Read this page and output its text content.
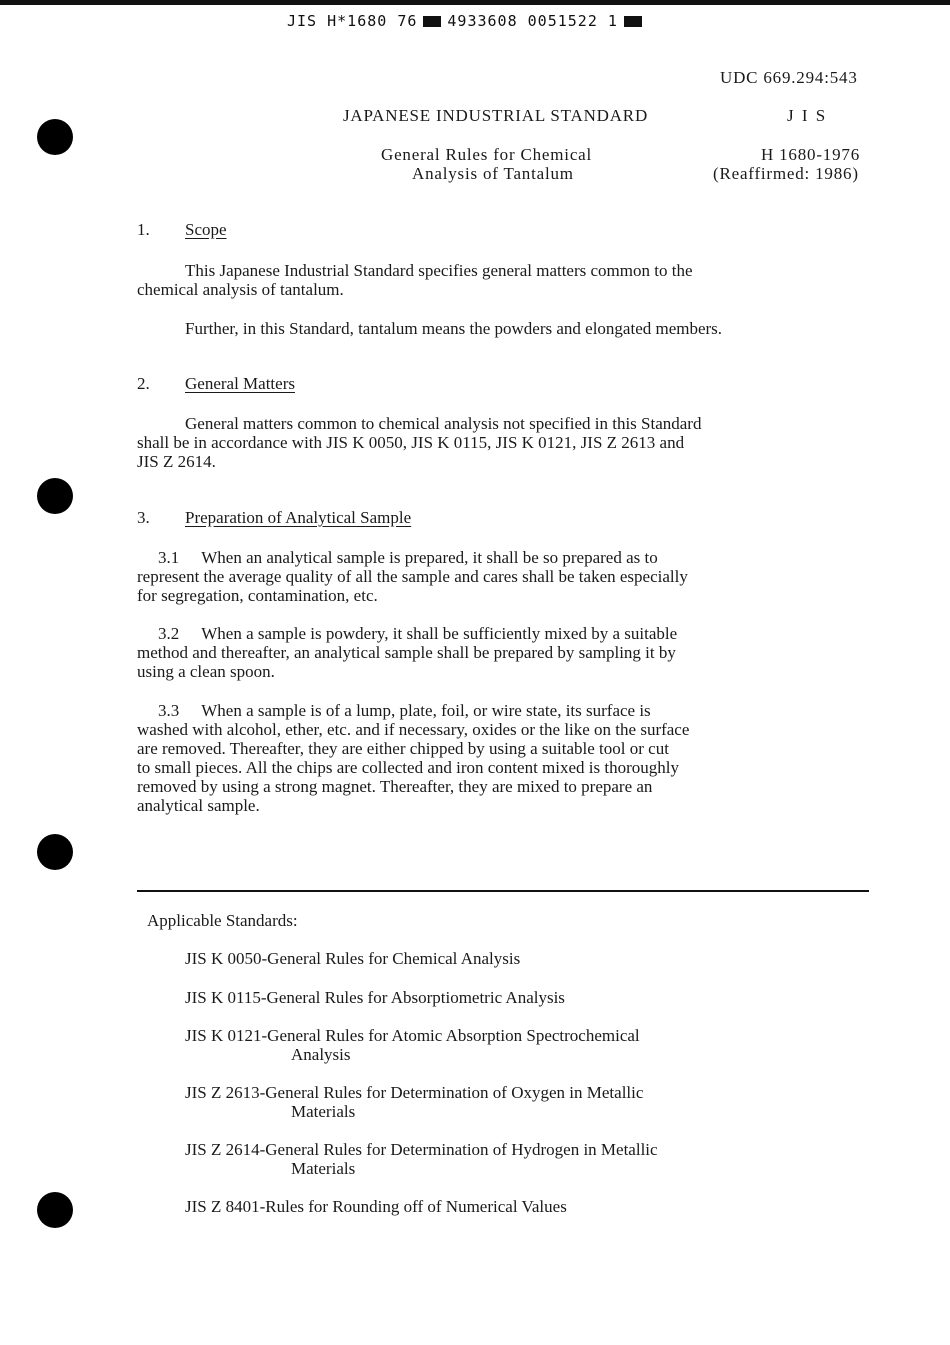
JIS H*1680 76 4933608 0051522 1
UDC 669.294:543
JAPANESE INDUSTRIAL STANDARD	J I S
General Rules for Chemical
Analysis of Tantalum
H 1680-1976
(Reaffirmed: 1986)
1. Scope
This Japanese Industrial Standard specifies general matters common to the
chemical analysis of tantalum.
Further, in this Standard, tantalum means the powders and elongated members.
2. General Matters
General matters common to chemical analysis not specified in this Standard
shall be in accordance with JIS K 0050, JIS K 0115, JIS K 0121, JIS Z 2613 and
JIS Z 2614.
3. Preparation of Analytical Sample
3.1 When an analytical sample is prepared, it shall be so prepared as to
represent the average quality of all the sample and cares shall be taken especially
for segregation, contamination, etc.
3.2 When a sample is powdery, it shall be sufficiently mixed by a suitable
method and thereafter, an analytical sample shall be prepared by sampling it by
using a clean spoon.
3.3 When a sample is of a lump, plate, foil, or wire state, its surface is
washed with alcohol, ether, etc. and if necessary, oxides or the like on the surface
are removed. Thereafter, they are either chipped by using a suitable tool or cut
to small pieces. All the chips are collected and iron content mixed is thoroughly
removed by using a strong magnet. Thereafter, they are mixed to prepare an
analytical sample.
Applicable Standards:
JIS K 0050-General Rules for Chemical Analysis
JIS K 0115-General Rules for Absorptiometric Analysis
JIS K 0121-General Rules for Atomic Absorption Spectrochemical
Analysis
JIS Z 2613-General Rules for Determination of Oxygen in Metallic
Materials
JIS Z 2614-General Rules for Determination of Hydrogen in Metallic
Materials
JIS Z 8401-Rules for Rounding off of Numerical Values
